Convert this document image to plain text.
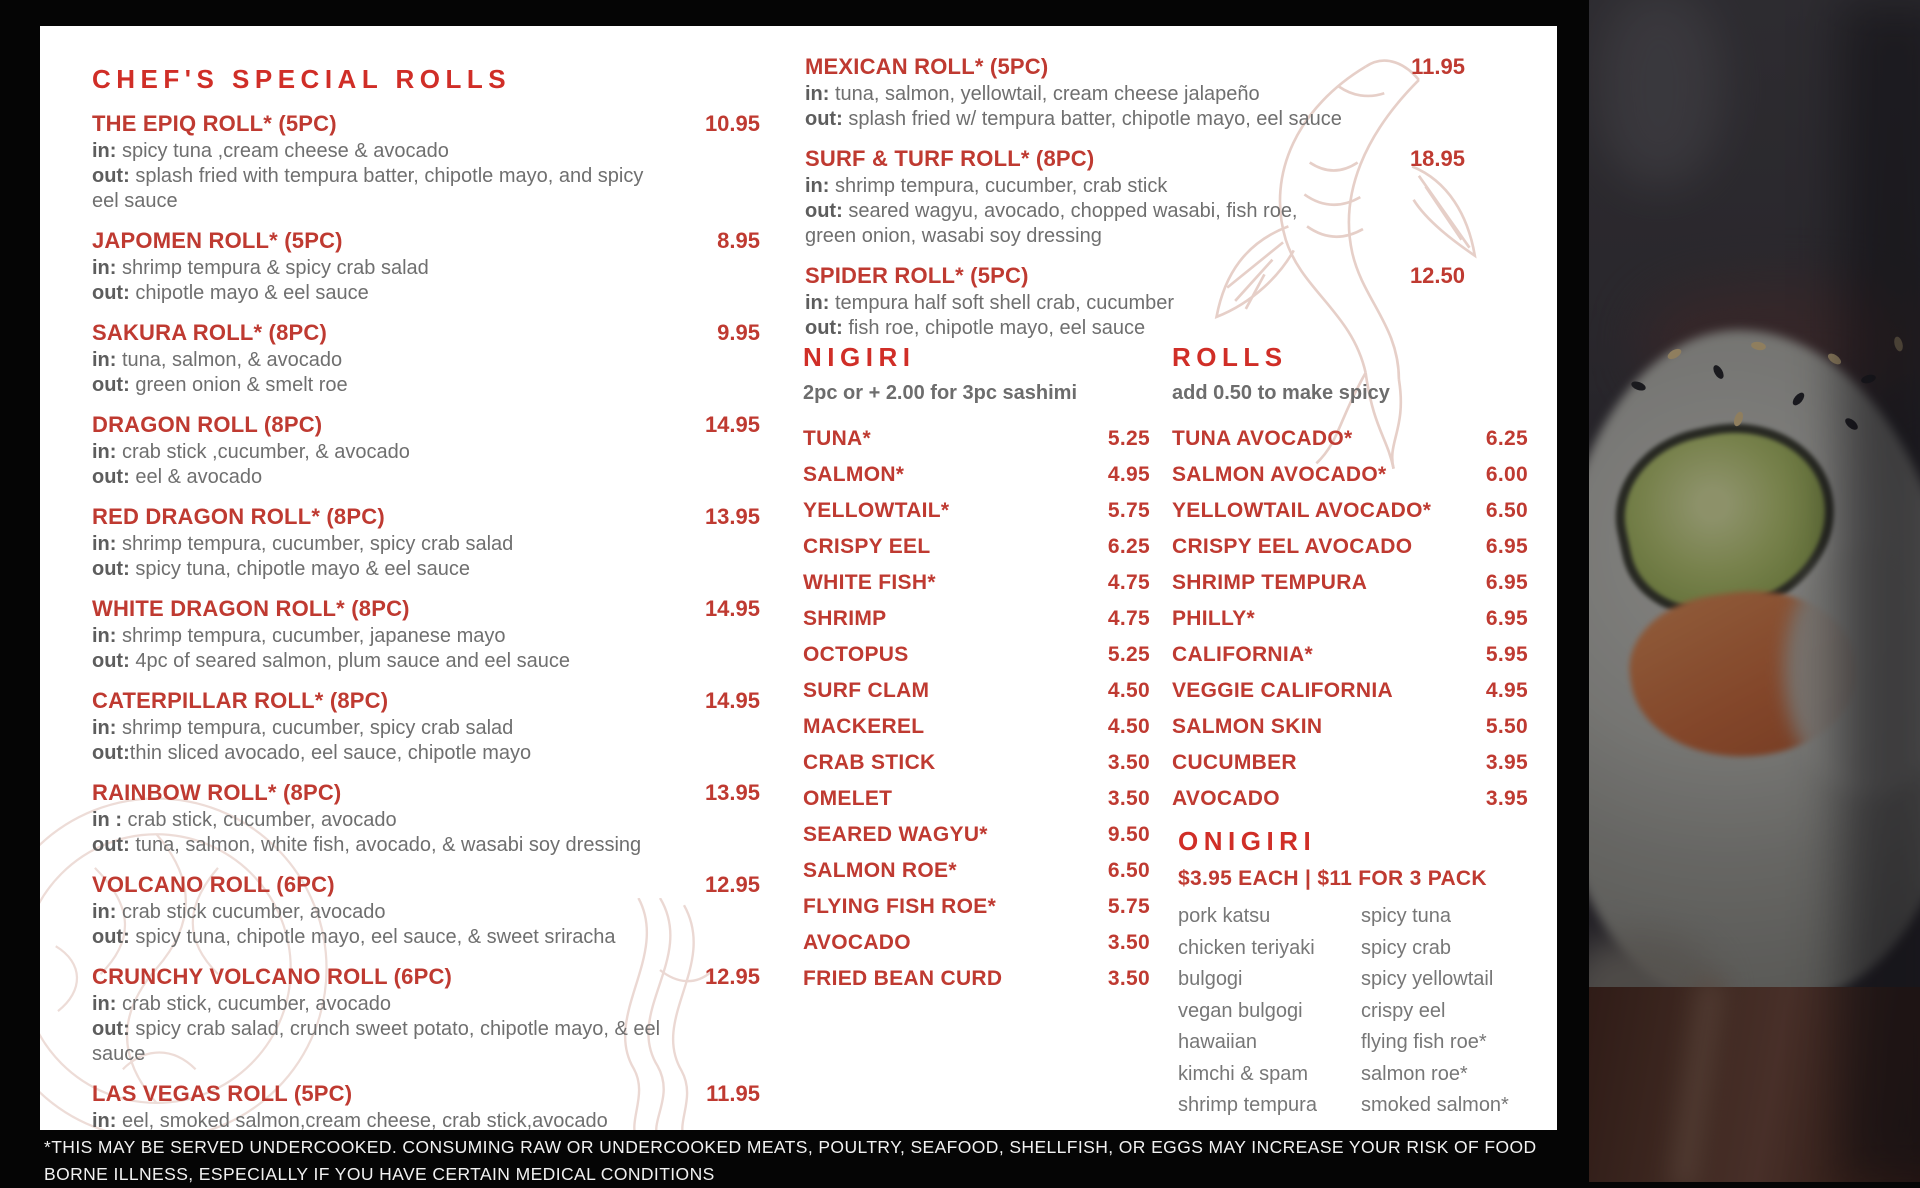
CHEF'S SPECIAL ROLLS
THE EPIQ ROLL* (5PC)	10.95
in: spicy tuna ,cream cheese & avocado
out: splash fried with tempura batter, chipotle mayo, and spicy eel sauce
JAPOMEN ROLL* (5PC)	8.95
in: shrimp tempura & spicy crab salad
out: chipotle mayo & eel sauce
SAKURA ROLL* (8PC)	9.95
in: tuna, salmon, & avocado
out: green onion & smelt roe
DRAGON ROLL (8PC)	14.95
in: crab stick ,cucumber, & avocado
out: eel & avocado
RED DRAGON ROLL* (8PC)	13.95
in: shrimp tempura, cucumber, spicy crab salad
out: spicy tuna, chipotle mayo & eel sauce
WHITE DRAGON ROLL* (8PC)	14.95
in: shrimp tempura, cucumber, japanese mayo
out: 4pc of seared salmon, plum sauce and eel sauce
CATERPILLAR ROLL* (8PC)	14.95
in: shrimp tempura, cucumber, spicy crab salad
out:thin sliced avocado, eel sauce, chipotle mayo
RAINBOW ROLL* (8PC)	13.95
in : crab stick, cucumber, avocado
out: tuna, salmon, white fish, avocado, & wasabi soy dressing
VOLCANO ROLL (6PC)	12.95
in: crab stick cucumber, avocado
out: spicy tuna, chipotle mayo, eel sauce, & sweet sriracha
CRUNCHY VOLCANO ROLL (6PC)	12.95
in: crab stick, cucumber, avocado
out: spicy crab salad, crunch sweet potato, chipotle mayo, & eel sauce
LAS VEGAS ROLL (5PC)	11.95
in: eel, smoked salmon,cream cheese, crab stick,avocado
MEXICAN ROLL* (5PC)	11.95
in: tuna, salmon, yellowtail, cream cheese jalapeño
out: splash fried w/ tempura batter, chipotle mayo, eel sauce
SURF & TURF ROLL* (8PC)	18.95
in: shrimp tempura, cucumber, crab stick
out: seared wagyu, avocado, chopped wasabi, fish roe, green onion, wasabi soy dressing
SPIDER ROLL* (5PC)	12.50
in: tempura half soft shell crab, cucumber
out: fish roe, chipotle mayo, eel sauce
NIGIRI
2pc or + 2.00 for 3pc sashimi
TUNA*	5.25
SALMON*	4.95
YELLOWTAIL*	5.75
CRISPY EEL	6.25
WHITE FISH*	4.75
SHRIMP	4.75
OCTOPUS	5.25
SURF CLAM	4.50
MACKEREL	4.50
CRAB STICK	3.50
OMELET	3.50
SEARED WAGYU*	9.50
SALMON ROE*	6.50
FLYING FISH ROE*	5.75
AVOCADO	3.50
FRIED BEAN CURD	3.50
ROLLS
add 0.50 to make spicy
TUNA AVOCADO*	6.25
SALMON AVOCADO*	6.00
YELLOWTAIL AVOCADO*	6.50
CRISPY EEL AVOCADO	6.95
SHRIMP TEMPURA	6.95
PHILLY*	6.95
CALIFORNIA*	5.95
VEGGIE CALIFORNIA	4.95
SALMON SKIN	5.50
CUCUMBER	3.95
AVOCADO	3.95
ONIGIRI
$3.95 EACH | $11 FOR 3 PACK
pork katsu	spicy tuna
chicken teriyaki	spicy crab
bulgogi	spicy yellowtail
vegan bulgogi	crispy eel
hawaiian	flying fish roe*
kimchi & spam	salmon roe*
shrimp tempura	smoked salmon*
*THIS MAY BE SERVED UNDERCOOKED. CONSUMING RAW OR UNDERCOOKED MEATS, POULTRY, SEAFOOD, SHELLFISH, OR EGGS MAY INCREASE YOUR RISK OF FOOD BORNE ILLNESS, ESPECIALLY IF YOU HAVE CERTAIN MEDICAL CONDITIONS
